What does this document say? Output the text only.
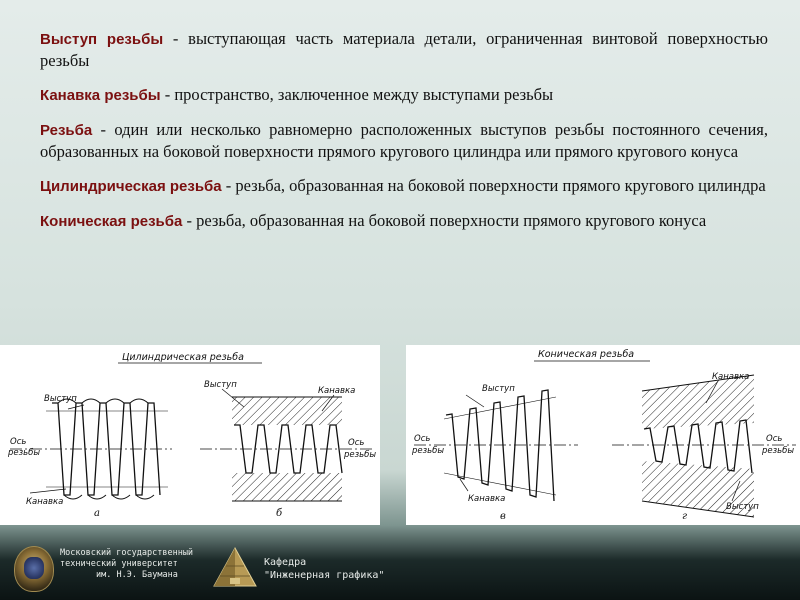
Выступ резьбы - выступающая часть материала детали, ограниченная винтовой поверхностью резьбы

Канавка резьбы - пространство, заключенное между выступами резьбы

Резьба - один или несколько равномерно расположенных выступов резьбы постоянного сечения, образованных на боковой поверхности прямого кругового цилиндра или прямого кругового конуса

Цилиндрическая резьба - резьба, образованная на боковой поверхности прямого кругового цилиндра

Коническая резьба - резьба, образованная на боковой поверхности прямого кругового конуса

Цилиндрическая резьба
Выступ
Ось
резьбы
Канавка
а
Выступ
Канавка
Ось
резьбы
б
Коническая резьба
Выступ
Ось
резьбы
Канавка
в
Канавка
Ось
резьбы
Выступ
г
Московский государственный
технический университет
им. Н.Э. Баумана
Кафедра
"Инженерная графика"
